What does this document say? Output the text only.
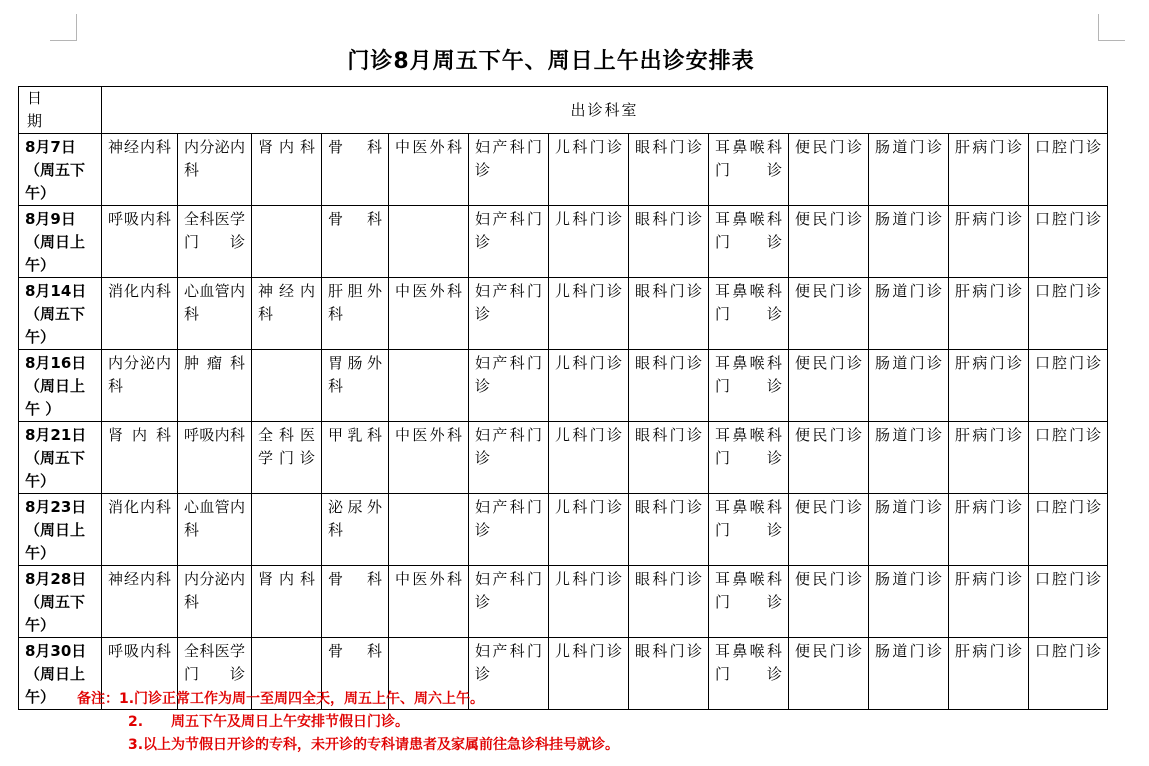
门诊8月周五下午、周日上午出诊安排表
日 期	出诊科室												
8月7日（周五下午）	神经内科	内分泌内科	肾内科	骨科	中医外科	妇产科门诊	儿科门诊	眼科门诊	耳鼻喉科门诊	便民门诊	肠道门诊	肝病门诊	口腔门诊
8月9日（周日上午）	呼吸内科	全科医学门诊		骨科		妇产科门诊	儿科门诊	眼科门诊	耳鼻喉科门诊	便民门诊	肠道门诊	肝病门诊	口腔门诊
8月14日（周五下午）	消化内科	心血管内科	神经内科	肝胆外科	中医外科	妇产科门诊	儿科门诊	眼科门诊	耳鼻喉科门诊	便民门诊	肠道门诊	肝病门诊	口腔门诊
8月16日（周日上午 ）	内分泌内科	肿瘤科		胃肠外科		妇产科门诊	儿科门诊	眼科门诊	耳鼻喉科门诊	便民门诊	肠道门诊	肝病门诊	口腔门诊
8月21日（周五下午）	肾内科	呼吸内科	全科医学门诊	甲乳科	中医外科	妇产科门诊	儿科门诊	眼科门诊	耳鼻喉科门诊	便民门诊	肠道门诊	肝病门诊	口腔门诊
8月23日（周日上午）	消化内科	心血管内科		泌尿外科		妇产科门诊	儿科门诊	眼科门诊	耳鼻喉科门诊	便民门诊	肠道门诊	肝病门诊	口腔门诊
8月28日（周五下午）	神经内科	内分泌内科	肾内科	骨科	中医外科	妇产科门诊	儿科门诊	眼科门诊	耳鼻喉科门诊	便民门诊	肠道门诊	肝病门诊	口腔门诊
8月30日（周日上午）	呼吸内科	全科医学门诊		骨科		妇产科门诊	儿科门诊	眼科门诊	耳鼻喉科门诊	便民门诊	肠道门诊	肝病门诊	口腔门诊
备注：1.门诊正常工作为周一至周四全天，周五上午、周六上午。
2.　　周五下午及周日上午安排节假日门诊。
3.以上为节假日开诊的专科，未开诊的专科请患者及家属前往急诊科挂号就诊。
